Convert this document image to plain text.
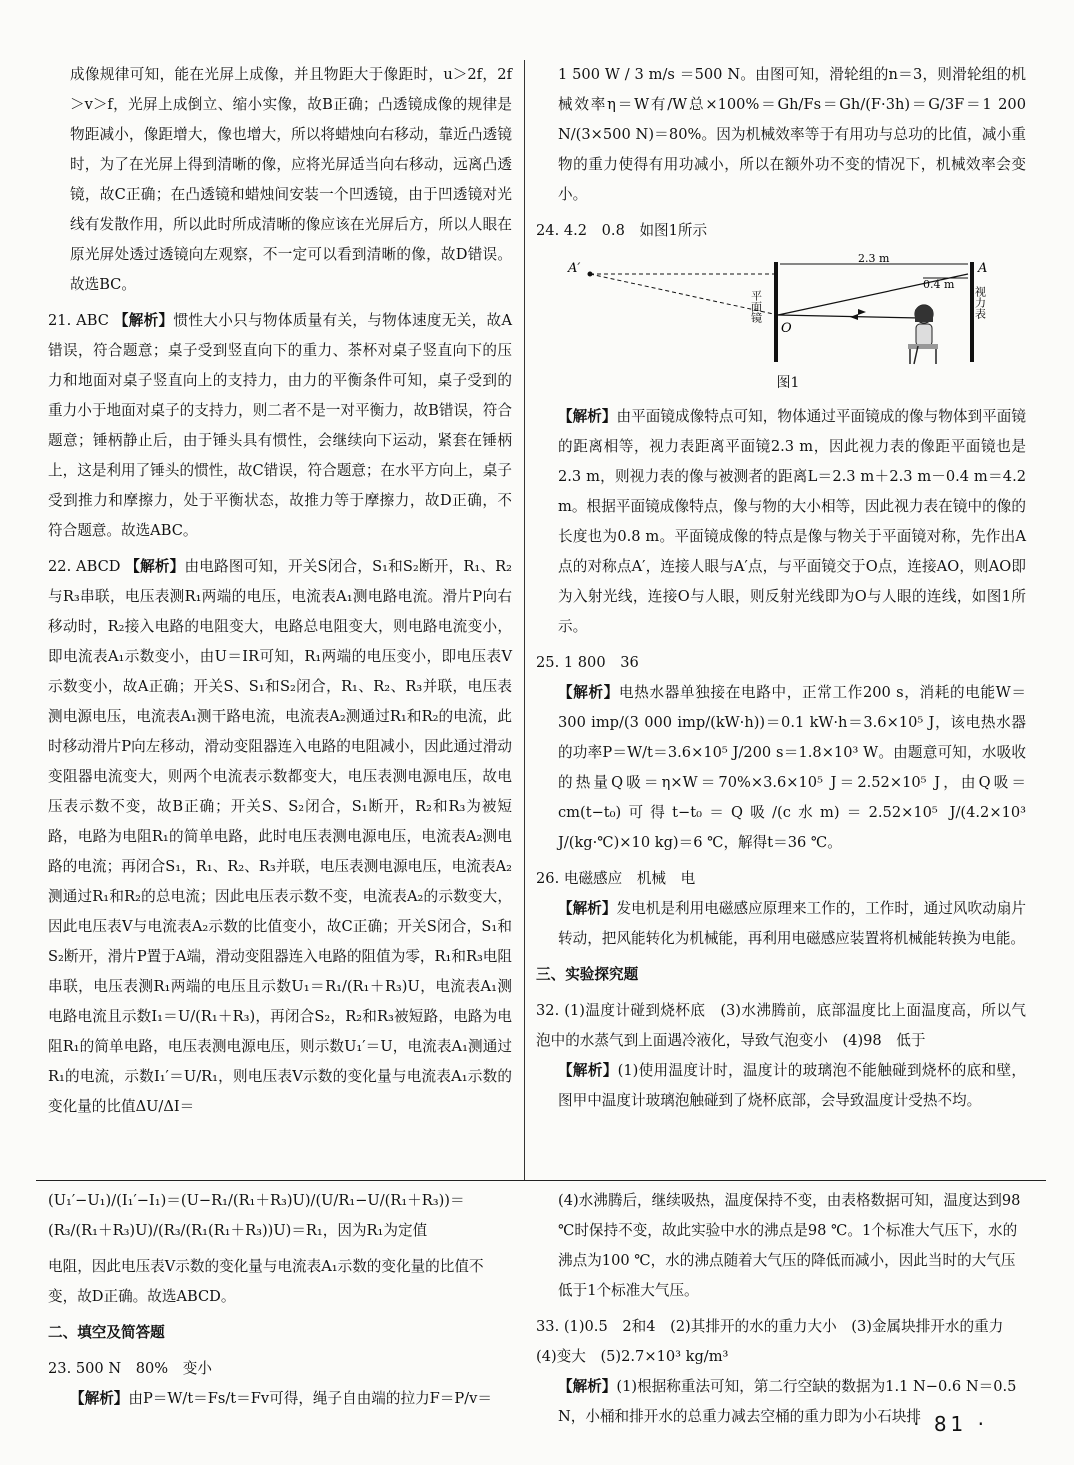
成像规律可知，能在光屏上成像，并且物距大于像距时，u＞2f，2f＞v＞f，光屏上成倒立、缩小实像，故B正确；凸透镜成像的规律是物距减小，像距增大，像也增大，所以将蜡烛向右移动，靠近凸透镜时，为了在光屏上得到清晰的像，应将光屏适当向右移动，远离凸透镜，故C正确；在凸透镜和蜡烛间安装一个凹透镜，由于凹透镜对光线有发散作用，所以此时所成清晰的像应该在光屏后方，所以人眼在原光屏处透过透镜向左观察，不一定可以看到清晰的像，故D错误。故选BC。

21. ABC 【解析】惯性大小只与物体质量有关，与物体速度无关，故A错误，符合题意；桌子受到竖直向下的重力、茶杯对桌子竖直向下的压力和地面对桌子竖直向上的支持力，由力的平衡条件可知，桌子受到的重力小于地面对桌子的支持力，则二者不是一对平衡力，故B错误，符合题意；锤柄静止后，由于锤头具有惯性，会继续向下运动，紧套在锤柄上，这是利用了锤头的惯性，故C错误，符合题意；在水平方向上，桌子受到推力和摩擦力，处于平衡状态，故推力等于摩擦力，故D正确，不符合题意。故选ABC。

22. ABCD 【解析】由电路图可知，开关S闭合，S₁和S₂断开，R₁、R₂与R₃串联，电压表测R₁两端的电压，电流表A₁测电路电流。滑片P向右移动时，R₂接入电路的电阻变大，电路总电阻变大，则电路电流变小，即电流表A₁示数变小，由U＝IR可知，R₁两端的电压变小，即电压表V示数变小，故A正确；开关S、S₁和S₂闭合，R₁、R₂、R₃并联，电压表测电源电压，电流表A₁测干路电流，电流表A₂测通过R₁和R₂的电流，此时移动滑片P向左移动，滑动变阻器连入电路的电阻减小，因此通过滑动变阻器电流变大，则两个电流表示数都变大，电压表测电源电压，故电压表示数不变，故B正确；开关S、S₂闭合，S₁断开，R₂和R₃为被短路，电路为电阻R₁的简单电路，此时电压表测电源电压，电流表A₂测电路的电流；再闭合S₁，R₁、R₂、R₃并联，电压表测电源电压，电流表A₂测通过R₁和R₂的总电流；因此电压表示数不变，电流表A₂的示数变大，因此电压表V与电流表A₂示数的比值变小，故C正确；开关S闭合，S₁和S₂断开，滑片P置于A端，滑动变阻器连入电路的阻值为零，R₁和R₃电阻串联，电压表测R₁两端的电压且示数U₁＝R₁/(R₁＋R₃)U，电流表A₁测电路电流且示数I₁＝U/(R₁＋R₃)，再闭合S₂，R₂和R₃被短路，电路为电阻R₁的简单电路，电压表测电源电压，则示数U₁′＝U，电流表A₁测通过R₁的电流，示数I₁′＝U/R₁，则电压表V示数的变化量与电流表A₁示数的变化量的比值ΔU/ΔI＝

1 500 W / 3 m/s ＝500 N。由图可知，滑轮组的n＝3，则滑轮组的机械效率η＝W有/W总×100%＝Gh/Fs＝Gh/(F·3h)＝G/3F＝1 200 N/(3×500 N)＝80%。因为机械效率等于有用功与总功的比值，减小重物的重力使得有用功减小，所以在额外功不变的情况下，机械效率会变小。

24. 4.2　0.8　如图1所示

A′
平面镜
O
A
视力表
2.3 m
0.4 m
图1

【解析】由平面镜成像特点可知，物体通过平面镜成的像与物体到平面镜的距离相等，视力表距离平面镜2.3 m，因此视力表的像距平面镜也是2.3 m，则视力表的像与被测者的距离L＝2.3 m＋2.3 m－0.4 m＝4.2 m。根据平面镜成像特点，像与物的大小相等，因此视力表在镜中的像的长度也为0.8 m。平面镜成像的特点是像与物关于平面镜对称，先作出A点的对称点A′，连接人眼与A′点，与平面镜交于O点，连接AO，则AO即为入射光线，连接O与人眼，则反射光线即为O与人眼的连线，如图1所示。

25. 1 800　36

【解析】电热水器单独接在电路中，正常工作200 s，消耗的电能W＝300 imp/(3 000 imp/(kW·h))＝0.1 kW·h＝3.6×10⁵ J，该电热水器的功率P＝W/t＝3.6×10⁵ J/200 s＝1.8×10³ W。由题意可知，水吸收的热量Q吸＝η×W＝70%×3.6×10⁵ J＝2.52×10⁵ J，由Q吸＝cm(t−t₀)可得t−t₀＝Q吸/(c水m)＝2.52×10⁵ J/(4.2×10³ J/(kg·℃)×10 kg)＝6 ℃，解得t＝36 ℃。

26. 电磁感应　机械　电

【解析】发电机是利用电磁感应原理来工作的，工作时，通过风吹动扇片转动，把风能转化为机械能，再利用电磁感应装置将机械能转换为电能。

三、实验探究题

32. (1)温度计碰到烧杯底　(3)水沸腾前，底部温度比上面温度高，所以气泡中的水蒸气到上面遇冷液化，导致气泡变小　(4)98　低于

【解析】(1)使用温度计时，温度计的玻璃泡不能触碰到烧杯的底和壁，图甲中温度计玻璃泡触碰到了烧杯底部，会导致温度计受热不均。

(U₁′−U₁)/(I₁′−I₁)＝(U−R₁/(R₁＋R₃)U)/(U/R₁−U/(R₁＋R₃))＝(R₃/(R₁＋R₃)U)/(R₃/(R₁(R₁＋R₃))U)＝R₁，因为R₁为定值

电阻，因此电压表V示数的变化量与电流表A₁示数的变化量的比值不变，故D正确。故选ABCD。

二、填空及简答题

23. 500 N　80%　变小

【解析】由P＝W/t＝Fs/t＝Fv可得，绳子自由端的拉力F＝P/v＝

(4)水沸腾后，继续吸热，温度保持不变，由表格数据可知，温度达到98 ℃时保持不变，故此实验中水的沸点是98 ℃。1个标准大气压下，水的沸点为100 ℃，水的沸点随着大气压的降低而减小，因此当时的大气压低于1个标准大气压。

33. (1)0.5　2和4　(2)其排开的水的重力大小　(3)金属块排开水的重力　(4)变大　(5)2.7×10³ kg/m³

【解析】(1)根据称重法可知，第二行空缺的数据为1.1 N−0.6 N＝0.5 N，小桶和排开水的总重力减去空桶的重力即为小石块排

· 81 ·
